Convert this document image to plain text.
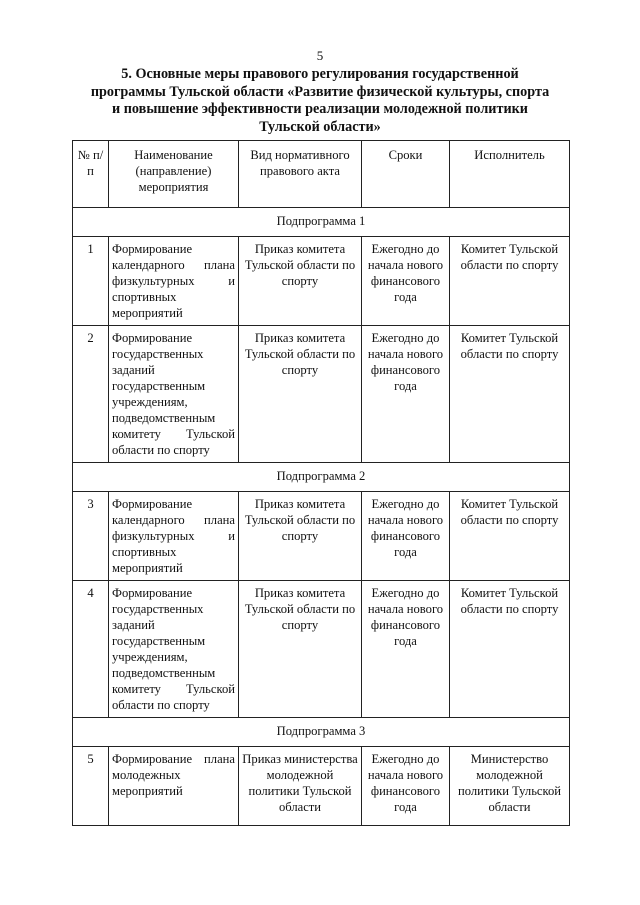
5
5. Основные меры правового регулирования государственной программы Тульской области «Развитие физической культуры, спорта и повышение эффективности реализации молодежной политики Тульской области»
№ п/п	Наименование (направление) мероприятия	Вид нормативного правового акта	Сроки	Исполнитель
Подпрограмма 1				
1	Формирование календарного плана физкультурных и спортивных мероприятий	Приказ комитета Тульской области по спорту	Ежегодно до начала нового финансового года	Комитет Тульской области по спорту
2	Формирование государственных заданий государственным учреждениям, подведомственным комитету Тульской области по спорту	Приказ комитета Тульской области по спорту	Ежегодно до начала нового финансового года	Комитет Тульской области по спорту
Подпрограмма 2				
3	Формирование календарного плана физкультурных и спортивных мероприятий	Приказ комитета Тульской области по спорту	Ежегодно до начала нового финансового года	Комитет Тульской области по спорту
4	Формирование государственных заданий государственным учреждениям, подведомственным комитету Тульской области по спорту	Приказ комитета Тульской области по спорту	Ежегодно до начала нового финансового года	Комитет Тульской области по спорту
Подпрограмма 3				
5	Формирование плана молодежных мероприятий	Приказ министерства молодежной политики Тульской области	Ежегодно до начала нового финансового года	Министерство молодежной политики Тульской области
